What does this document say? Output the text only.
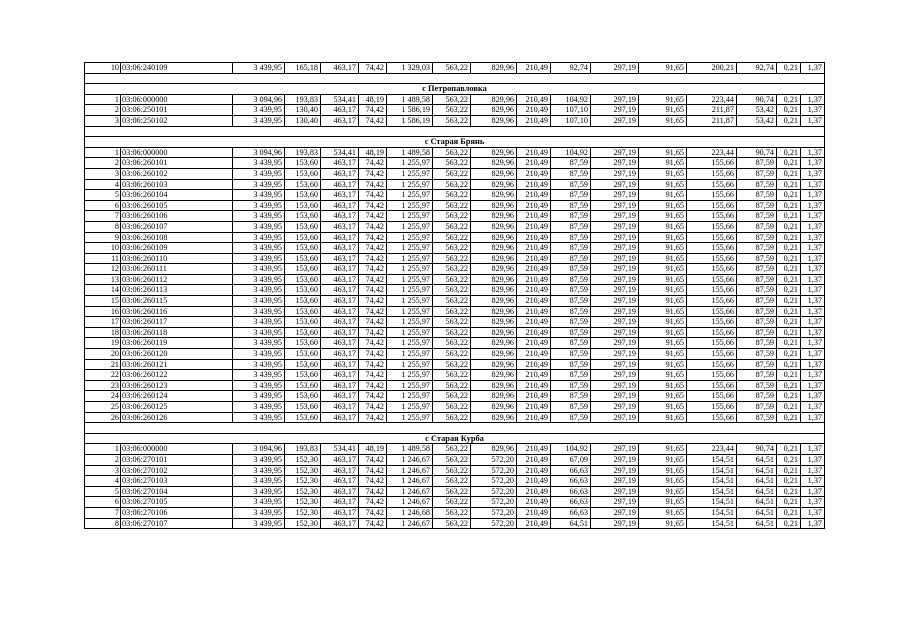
10	03:06:240109	3 439,95	165,18	463,17	74,42	1 329,03	563,22	829,96	210,49	92,74	297,19	91,65	200,21	92,74	0,21	1,37

с Петропавловка																
1	03:06:000000	3 094,96	193,83	534,41	48,19	1 489,58	563,22	829,96	210,49	104,92	297,19	91,65	223,44	90,74	0,21	1,37
2	03:06:250101	3 439,95	130,40	463,17	74,42	1 586,19	563,22	829,96	210,49	107,10	297,19	91,65	211,87	53,42	0,21	1,37
3	03:06:250102	3 439,95	130,40	463,17	74,42	1 586,19	563,22	829,96	210,49	107,10	297,19	91,65	211,87	53,42	0,21	1,37

с Старая Брянь																
1	03:06:000000	3 094,96	193,83	534,41	48,19	1 489,58	563,22	829,96	210,49	104,92	297,19	91,65	223,44	90,74	0,21	1,37
2	03:06:260101	3 439,95	153,60	463,17	74,42	1 255,97	563,22	829,96	210,49	87,59	297,19	91,65	155,66	87,59	0,21	1,37
3	03:06:260102	3 439,95	153,60	463,17	74,42	1 255,97	563,22	829,96	210,49	87,59	297,19	91,65	155,66	87,59	0,21	1,37
4	03:06:260103	3 439,95	153,60	463,17	74,42	1 255,97	563,22	829,96	210,49	87,59	297,19	91,65	155,66	87,59	0,21	1,37
5	03:06:260104	3 439,95	153,60	463,17	74,42	1 255,97	563,22	829,96	210,49	87,59	297,19	91,65	155,66	87,59	0,21	1,37
6	03:06:260105	3 439,95	153,60	463,17	74,42	1 255,97	563,22	829,96	210,49	87,59	297,19	91,65	155,66	87,59	0,21	1,37
7	03:06:260106	3 439,95	153,60	463,17	74,42	1 255,97	563,22	829,96	210,49	87,59	297,19	91,65	155,66	87,59	0,21	1,37
8	03:06:260107	3 439,95	153,60	463,17	74,42	1 255,97	563,22	829,96	210,49	87,59	297,19	91,65	155,66	87,59	0,21	1,37
9	03:06:260108	3 439,95	153,60	463,17	74,42	1 255,97	563,22	829,96	210,49	87,59	297,19	91,65	155,66	87,59	0,21	1,37
10	03:06:260109	3 439,95	153,60	463,17	74,42	1 255,97	563,22	829,96	210,49	87,59	297,19	91,65	155,66	87,59	0,21	1,37
11	03:06:260110	3 439,95	153,60	463,17	74,42	1 255,97	563,22	829,96	210,49	87,59	297,19	91,65	155,66	87,59	0,21	1,37
12	03:06:260111	3 439,95	153,60	463,17	74,42	1 255,97	563,22	829,96	210,49	87,59	297,19	91,65	155,66	87,59	0,21	1,37
13	03:06:260112	3 439,95	153,60	463,17	74,42	1 255,97	563,22	829,96	210,49	87,59	297,19	91,65	155,66	87,59	0,21	1,37
14	03:06:260113	3 439,95	153,60	463,17	74,42	1 255,97	563,22	829,96	210,49	87,59	297,19	91,65	155,66	87,59	0,21	1,37
15	03:06:260115	3 439,95	153,60	463,17	74,42	1 255,97	563,22	829,96	210,49	87,59	297,19	91,65	155,66	87,59	0,21	1,37
16	03:06:260116	3 439,95	153,60	463,17	74,42	1 255,97	563,22	829,96	210,49	87,59	297,19	91,65	155,66	87,59	0,21	1,37
17	03:06:260117	3 439,95	153,60	463,17	74,42	1 255,97	563,22	829,96	210,49	87,59	297,19	91,65	155,66	87,59	0,21	1,37
18	03:06:260118	3 439,95	153,60	463,17	74,42	1 255,97	563,22	829,96	210,49	87,59	297,19	91,65	155,66	87,59	0,21	1,37
19	03:06:260119	3 439,95	153,60	463,17	74,42	1 255,97	563,22	829,96	210,49	87,59	297,19	91,65	155,66	87,59	0,21	1,37
20	03:06:260120	3 439,95	153,60	463,17	74,42	1 255,97	563,22	829,96	210,49	87,59	297,19	91,65	155,66	87,59	0,21	1,37
21	03:06:260121	3 439,95	153,60	463,17	74,42	1 255,97	563,22	829,96	210,49	87,59	297,19	91,65	155,66	87,59	0,21	1,37
22	03:06:260122	3 439,95	153,60	463,17	74,42	1 255,97	563,22	829,96	210,49	87,59	297,19	91,65	155,66	87,59	0,21	1,37
23	03:06:260123	3 439,95	153,60	463,17	74,42	1 255,97	563,22	829,96	210,49	87,59	297,19	91,65	155,66	87,59	0,21	1,37
24	03:06:260124	3 439,95	153,60	463,17	74,42	1 255,97	563,22	829,96	210,49	87,59	297,19	91,65	155,66	87,59	0,21	1,37
25	03:06:260125	3 439,95	153,60	463,17	74,42	1 255,97	563,22	829,96	210,49	87,59	297,19	91,65	155,66	87,59	0,21	1,37
26	03:06:260126	3 439,95	153,60	463,17	74,42	1 255,97	563,22	829,96	210,49	87,59	297,19	91,65	155,66	87,59	0,21	1,37

с Старая Курба																
1	03:06:000000	3 094,96	193,83	534,41	48,19	1 489,58	563,22	829,96	210,49	104,92	297,19	91,65	223,44	90,74	0,21	1,37
2	03:06:270101	3 439,95	152,30	463,17	74,42	1 246,67	563,22	572,20	210,49	67,09	297,19	91,65	154,51	64,51	0,21	1,37
3	03:06:270102	3 439,95	152,30	463,17	74,42	1 246,67	563,22	572,20	210,49	66,63	297,19	91,65	154,51	64,51	0,21	1,37
4	03:06:270103	3 439,95	152,30	463,17	74,42	1 246,67	563,22	572,20	210,49	66,63	297,19	91,65	154,51	64,51	0,21	1,37
5	03:06:270104	3 439,95	152,30	463,17	74,42	1 246,67	563,22	572,20	210,49	66,63	297,19	91,65	154,51	64,51	0,21	1,37
6	03:06:270105	3 439,95	152,30	463,17	74,42	1 246,67	563,22	572,20	210,49	66,63	297,19	91,65	154,51	64,51	0,21	1,37
7	03:06:270106	3 439,95	152,30	463,17	74,42	1 246,68	563,22	572,20	210,49	66,63	297,19	91,65	154,51	64,51	0,21	1,37
8	03:06:270107	3 439,95	152,30	463,17	74,42	1 246,67	563,22	572,20	210,49	64,51	297,19	91,65	154,51	64,51	0,21	1,37
